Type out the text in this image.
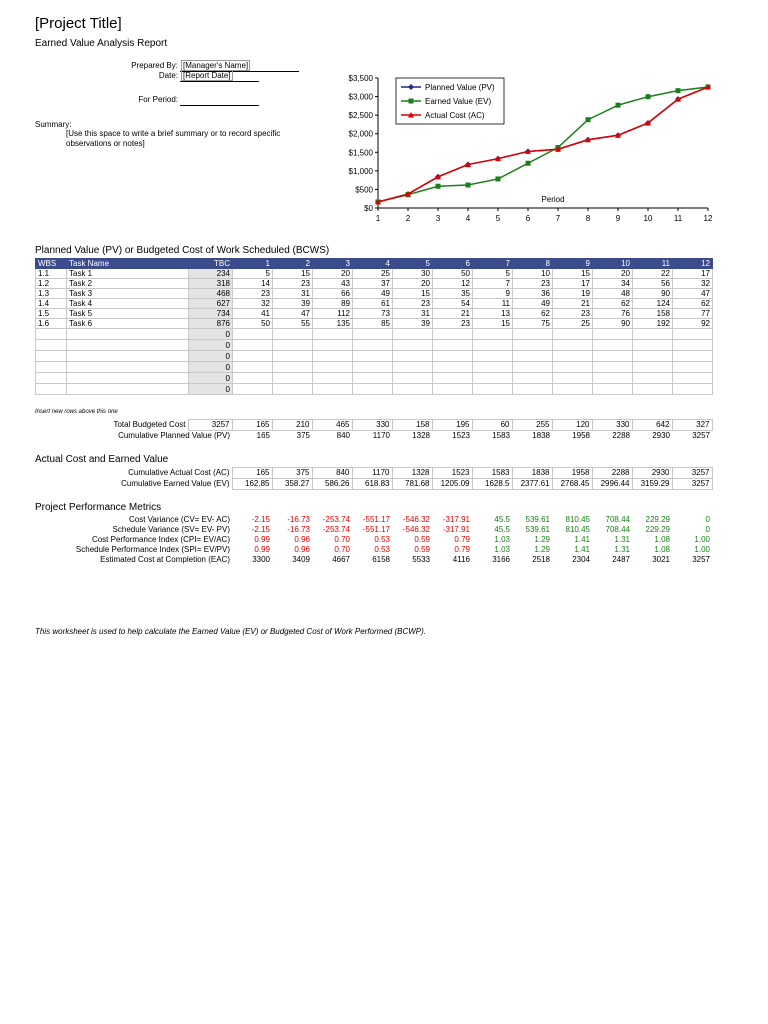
[Project Title]
Earned Value Analysis Report
Prepared By: [Manager's Name]
Date: [Report Date]
For Period:
Summary:
[Use this space to write a brief summary or to record specific observations or notes]
$0
$500
$1,000
$1,500
$2,000
$2,500
$3,000
$3,500
1	2	3	4	5	6	7	8	9	10	11	12
Planned Value (PV)
Earned Value (EV)
Actual Cost (AC)
Period
Planned Value (PV) or Budgeted Cost of Work Scheduled (BCWS)
WBS	Task Name	TBC	1	2	3	4	5	6	7	8	9	10	11	12
1.1	Task 1	234	5	15	20	25	30	50	5	10	15	20	22	17
1.2	Task 2	318	14	23	43	37	20	12	7	23	17	34	56	32
1.3	Task 3	468	23	31	66	49	15	35	9	36	19	48	90	47
1.4	Task 4	627	32	39	89	61	23	54	11	49	21	62	124	62
1.5	Task 5	734	41	47	112	73	31	21	13	62	23	76	158	77
1.6	Task 6	876	50	55	135	85	39	23	15	75	25	90	192	92
		0												
		0												
		0												
		0												
		0												
		0												
Insert new rows above this one
Total Budgeted Cost	3257	165	210	465	330	158	195	60	255	120	330	642	327
Cumulative Planned Value (PV)		165	375	840	1170	1328	1523	1583	1838	1958	2288	2930	3257
Actual Cost and Earned Value
Cumulative Actual Cost (AC)	165	375	840	1170	1328	1523	1583	1838	1958	2288	2930	3257
Cumulative Earned Value (EV)	162.85	358.27	586.26	618.83	781.68	1205.09	1628.5	2377.61	2768.45	2996.44	3159.29	3257
Project Performance Metrics
Cost Variance (CV= EV- AC)	-2.15	-16.73	-253.74	-551.17	-546.32	-317.91	45.5	539.61	810.45	708.44	229.29	0
Schedule Variance (SV= EV- PV)	-2.15	-16.73	-253.74	-551.17	-546.32	-317.91	45.5	539.61	810.45	708.44	229.29	0
Cost Performance Index (CPI= EV/AC)	0.99	0.96	0.70	0.53	0.59	0.79	1.03	1.29	1.41	1.31	1.08	1.00
Schedule Performance Index (SPI= EV/PV)	0.99	0.96	0.70	0.53	0.59	0.79	1.03	1.29	1.41	1.31	1.08	1.00
Estimated Cost at Completion (EAC)	3300	3409	4667	6158	5533	4116	3166	2518	2304	2487	3021	3257
This worksheet is used to help calculate the Earned Value (EV) or Budgeted Cost of Work Performed (BCWP).
